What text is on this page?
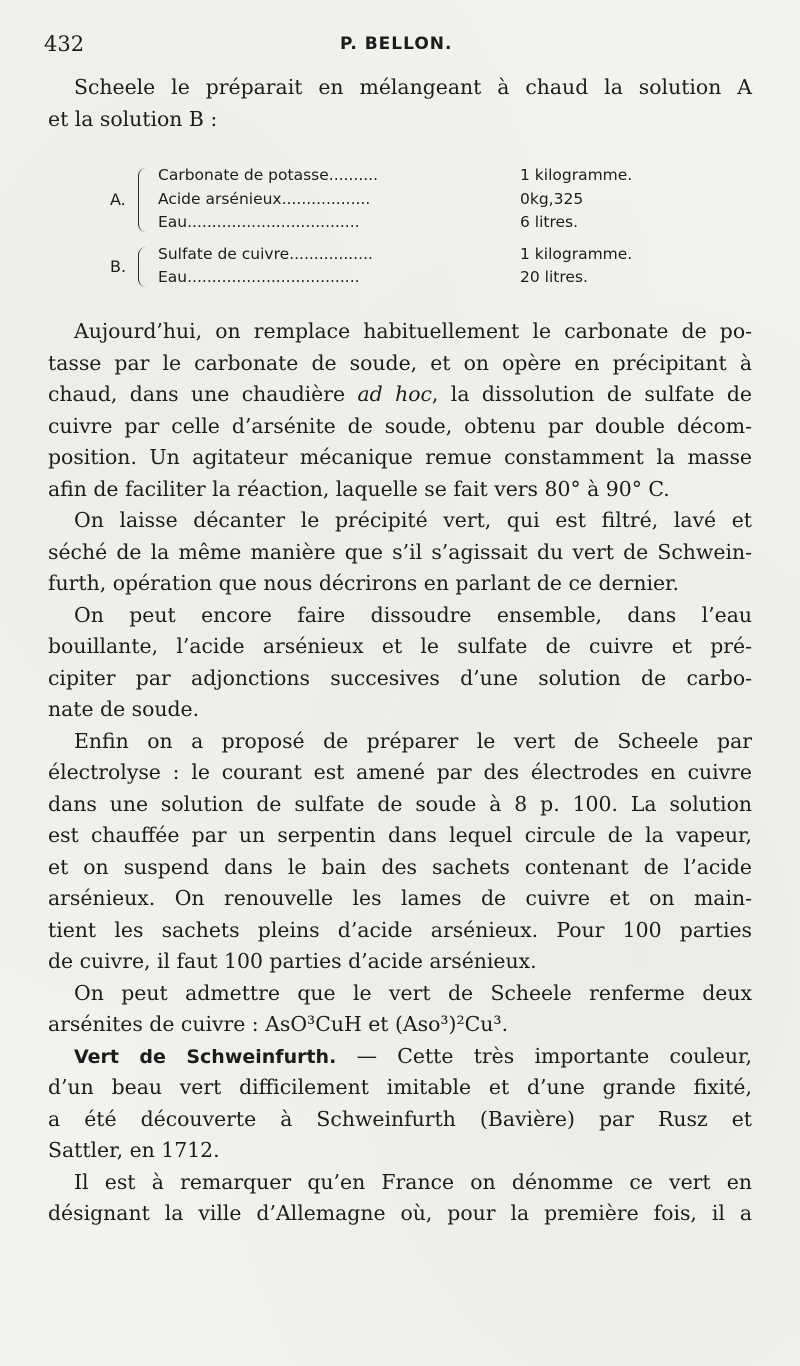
432	P. BELLON.
Scheele le préparait en mélangeant à chaud la solution A
et la solution B :
A.
Carbonate de potasse..........	1 kilogramme.
Acide arsénieux..................	0kg,325
Eau...................................	6 litres.
B.
Sulfate de cuivre.................	1 kilogramme.
Eau...................................	20 litres.
Aujourd’hui, on remplace habituellement le carbonate de po-
tasse par le carbonate de soude, et on opère en précipitant à
chaud, dans une chaudière ad hoc, la dissolution de sulfate de
cuivre par celle d’arsénite de soude, obtenu par double décom-
position. Un agitateur mécanique remue constamment la masse
afin de faciliter la réaction, laquelle se fait vers 80° à 90° C.
On laisse décanter le précipité vert, qui est filtré, lavé et
séché de la même manière que s’il s’agissait du vert de Schwein-
furth, opération que nous décrirons en parlant de ce dernier.
On peut encore faire dissoudre ensemble, dans l’eau
bouillante, l’acide arsénieux et le sulfate de cuivre et pré-
cipiter par adjonctions succesives d’une solution de carbo-
nate de soude.
Enfin on a proposé de préparer le vert de Scheele par
électrolyse : le courant est amené par des électrodes en cuivre
dans une solution de sulfate de soude à 8 p. 100. La solution
est chauffée par un serpentin dans lequel circule de la vapeur,
et on suspend dans le bain des sachets contenant de l’acide
arsénieux. On renouvelle les lames de cuivre et on main-
tient les sachets pleins d’acide arsénieux. Pour 100 parties
de cuivre, il faut 100 parties d’acide arsénieux.
On peut admettre que le vert de Scheele renferme deux
arsénites de cuivre : AsO³CuH et (Aso³)²Cu³.
Vert de Schweinfurth. — Cette très importante couleur,
d’un beau vert difficilement imitable et d’une grande fixité,
a été découverte à Schweinfurth (Bavière) par Rusz et
Sattler, en 1712.
Il est à remarquer qu’en France on dénomme ce vert en
désignant la ville d’Allemagne où, pour la première fois, il a
